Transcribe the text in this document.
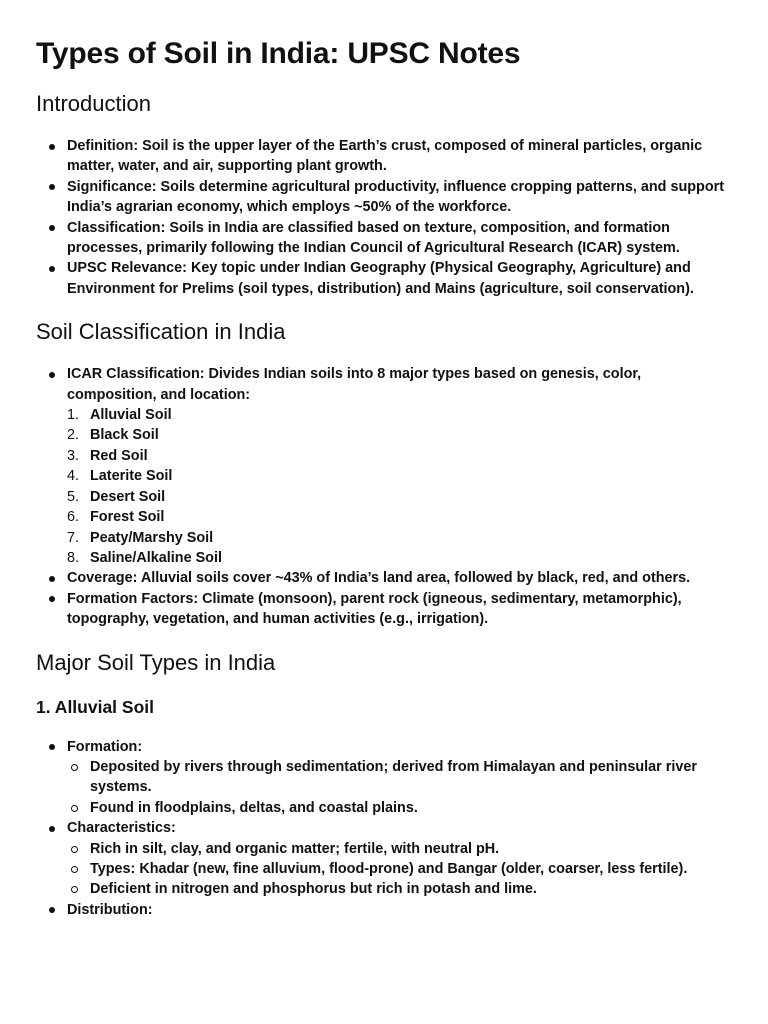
Types of Soil in India: UPSC Notes
Introduction
Definition: Soil is the upper layer of the Earth’s crust, composed of mineral particles, organic matter, water, and air, supporting plant growth.
Significance: Soils determine agricultural productivity, influence cropping patterns, and support India’s agrarian economy, which employs ~50% of the workforce.
Classification: Soils in India are classified based on texture, composition, and formation processes, primarily following the Indian Council of Agricultural Research (ICAR) system.
UPSC Relevance: Key topic under Indian Geography (Physical Geography, Agriculture) and Environment for Prelims (soil types, distribution) and Mains (agriculture, soil conservation).
Soil Classification in India
ICAR Classification: Divides Indian soils into 8 major types based on genesis, color, composition, and location:
1. Alluvial Soil
2. Black Soil
3. Red Soil
4. Laterite Soil
5. Desert Soil
6. Forest Soil
7. Peaty/Marshy Soil
8. Saline/Alkaline Soil
Coverage: Alluvial soils cover ~43% of India’s land area, followed by black, red, and others.
Formation Factors: Climate (monsoon), parent rock (igneous, sedimentary, metamorphic), topography, vegetation, and human activities (e.g., irrigation).
Major Soil Types in India
1. Alluvial Soil
Formation:
Deposited by rivers through sedimentation; derived from Himalayan and peninsular river systems.
Found in floodplains, deltas, and coastal plains.
Characteristics:
Rich in silt, clay, and organic matter; fertile, with neutral pH.
Types: Khadar (new, fine alluvium, flood-prone) and Bangar (older, coarser, less fertile).
Deficient in nitrogen and phosphorus but rich in potash and lime.
Distribution:
